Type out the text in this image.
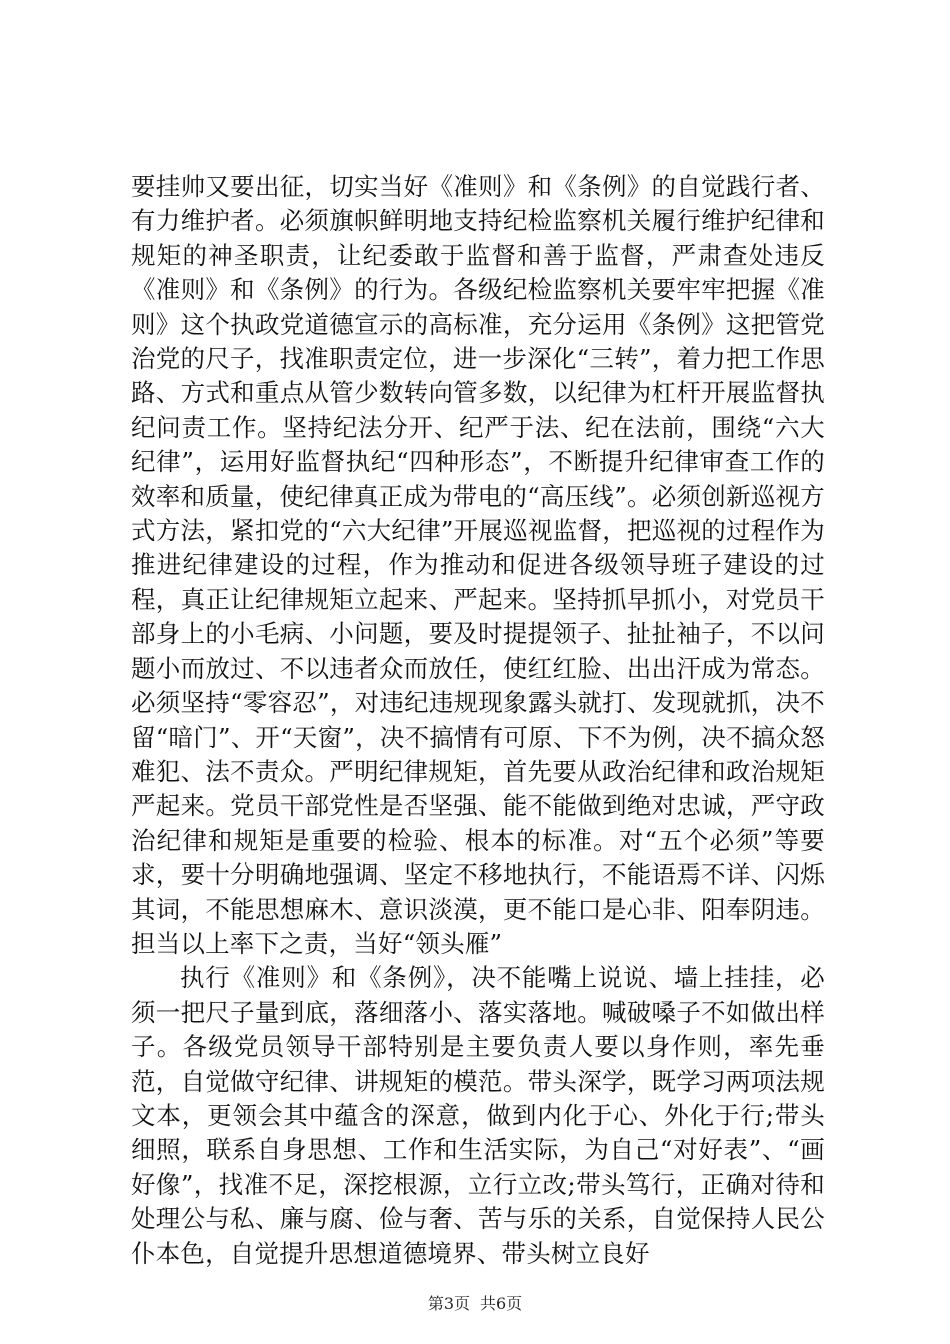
要挂帅又要出征，切实当好《准则》和《条例》的自觉践行者、有力维护者。必须旗帜鲜明地支持纪检监察机关履行维护纪律和规矩的神圣职责，让纪委敢于监督和善于监督，严肃查处违反《准则》和《条例》的行为。各级纪检监察机关要牢牢把握《准则》这个执政党道德宣示的高标准，充分运用《条例》这把管党治党的尺子，找准职责定位，进一步深化“三转”，着力把工作思路、方式和重点从管少数转向管多数，以纪律为杠杆开展监督执纪问责工作。坚持纪法分开、纪严于法、纪在法前，围绕“六大纪律”，运用好监督执纪“四种形态”，不断提升纪律审查工作的效率和质量，使纪律真正成为带电的“高压线”。必须创新巡视方式方法，紧扣党的“六大纪律”开展巡视监督，把巡视的过程作为推进纪律建设的过程，作为推动和促进各级领导班子建设的过程，真正让纪律规矩立起来、严起来。坚持抓早抓小，对党员干部身上的小毛病、小问题，要及时提提领子、扯扯袖子，不以问题小而放过、不以违者众而放任，使红红脸、出出汗成为常态。必须坚持“零容忍”，对违纪违规现象露头就打、发现就抓，决不留“暗门”、开“天窗”，决不搞情有可原、下不为例，决不搞众怒难犯、法不责众。严明纪律规矩，首先要从政治纪律和政治规矩严起来。党员干部党性是否坚强、能不能做到绝对忠诚，严守政治纪律和规矩是重要的检验、根本的标准。对“五个必须”等要求，要十分明确地强调、坚定不移地执行，不能语焉不详、闪烁其词，不能思想麻木、意识淡漠，更不能口是心非、阳奉阴违。担当以上率下之责，当好“领头雁”

执行《准则》和《条例》，决不能嘴上说说、墙上挂挂，必须一把尺子量到底，落细落小、落实落地。喊破嗓子不如做出样子。各级党员领导干部特别是主要负责人要以身作则，率先垂范，自觉做守纪律、讲规矩的模范。带头深学，既学习两项法规文本，更领会其中蕴含的深意，做到内化于心、外化于行;带头细照，联系自身思想、工作和生活实际，为自己“对好表”、“画好像”，找准不足，深挖根源，立行立改;带头笃行，正确对待和处理公与私、廉与腐、俭与奢、苦与乐的关系，自觉保持人民公仆本色，自觉提升思想道德境界、带头树立良好

第3页 共6页
